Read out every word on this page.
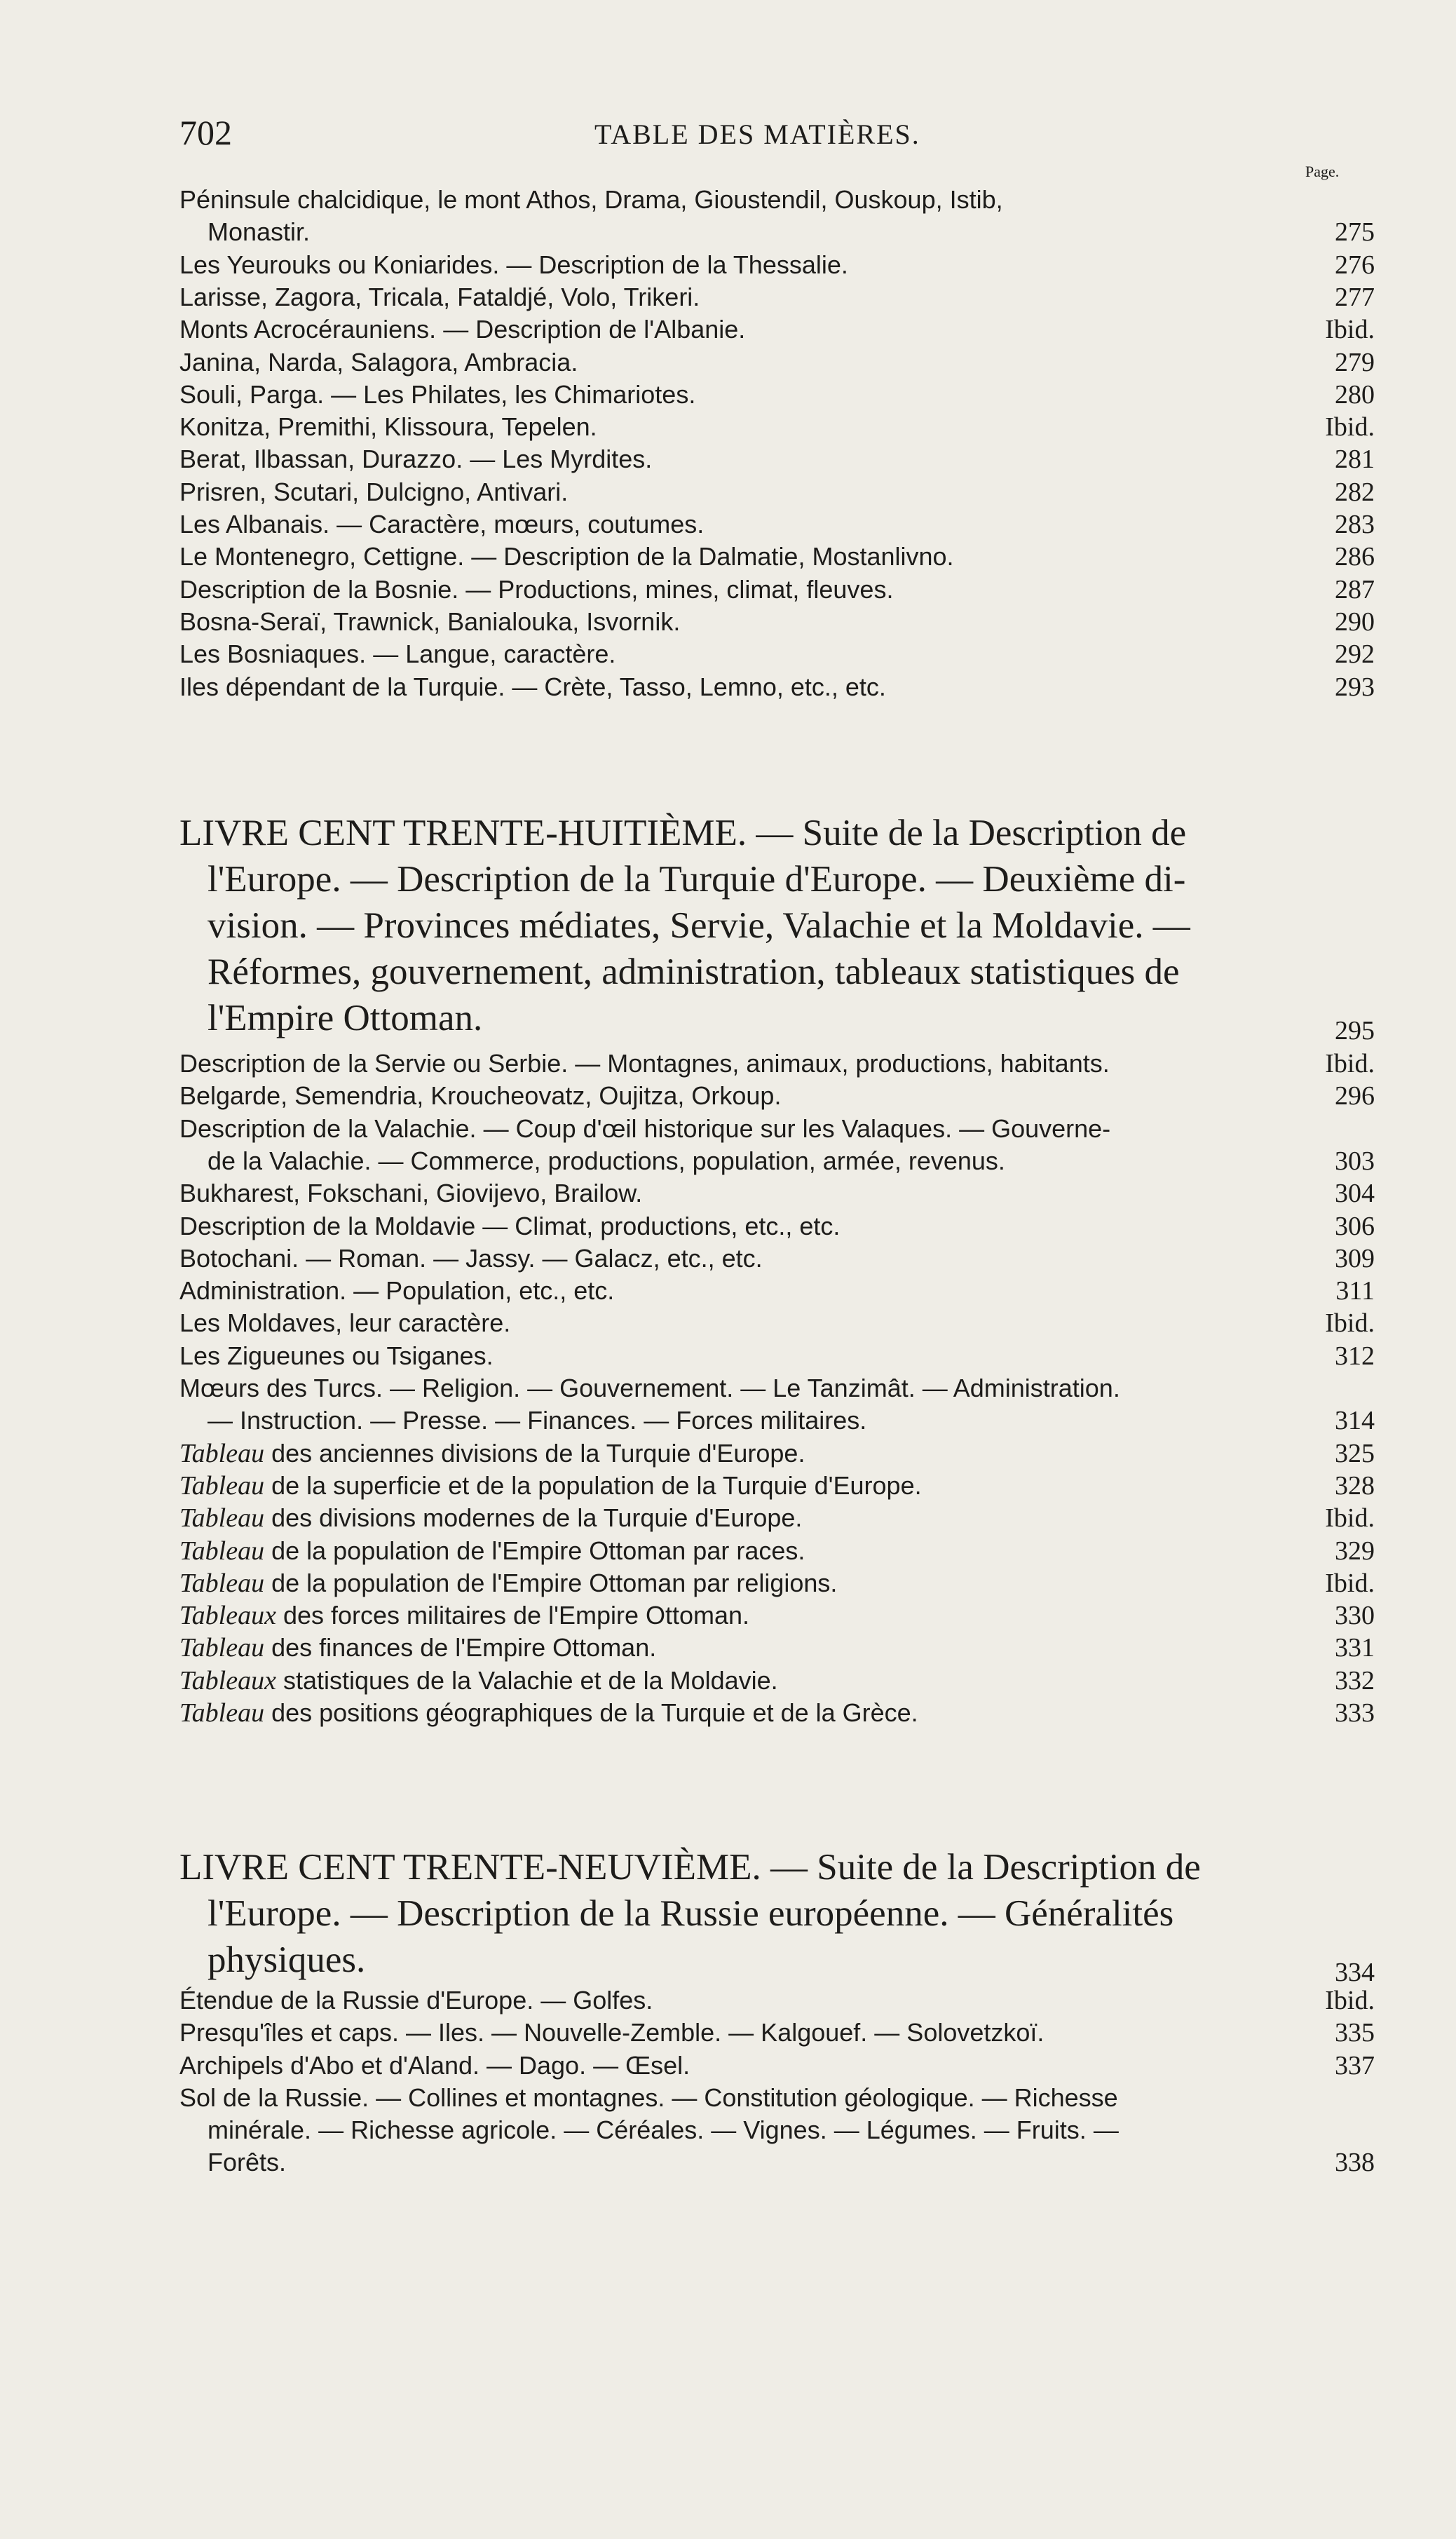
702	TABLE DES MATIÈRES.
Page.
Péninsule chalcidique, le mont Athos, Drama, Gioustendil, Ouskoup, Istib,
Monastir.	275
Les Yeurouks ou Koniarides. — Description de la Thessalie.	276
Larisse, Zagora, Tricala, Fataldjé, Volo, Trikeri.	277
Monts Acrocérauniens. — Description de l'Albanie.	Ibid.
Janina, Narda, Salagora, Ambracia.	279
Souli, Parga. — Les Philates, les Chimariotes.	280
Konitza, Premithi, Klissoura, Tepelen.	Ibid.
Berat, Ilbassan, Durazzo. — Les Myrdites.	281
Prisren, Scutari, Dulcigno, Antivari.	282
Les Albanais. — Caractère, mœurs, coutumes.	283
Le Montenegro, Cettigne. — Description de la Dalmatie, Mostanlivno.	286
Description de la Bosnie. — Productions, mines, climat, fleuves.	287
Bosna-Seraï, Trawnick, Banialouka, Isvornik.	290
Les Bosniaques. — Langue, caractère.	292
Iles dépendant de la Turquie. — Crète, Tasso, Lemno, etc., etc.	293
LIVRE CENT TRENTE-HUITIÈME. — Suite de la Description de
l'Europe. — Description de la Turquie d'Europe. — Deuxième di-
vision. — Provinces médiates, Servie, Valachie et la Moldavie. —
Réformes, gouvernement, administration, tableaux statistiques de
l'Empire Ottoman.	295
Description de la Servie ou Serbie. — Montagnes, animaux, productions, habitants.	Ibid.
Belgarde, Semendria, Kroucheovatz, Oujitza, Orkoup.	296
Description de la Valachie. — Coup d'œil historique sur les Valaques. — Gouverne-
de la Valachie. — Commerce, productions, population, armée, revenus.	303
Bukharest, Fokschani, Giovijevo, Brailow.	304
Description de la Moldavie — Climat, productions, etc., etc.	306
Botochani. — Roman. — Jassy. — Galacz, etc., etc.	309
Administration. — Population, etc., etc.	311
Les Moldaves, leur caractère.	Ibid.
Les Zigueunes ou Tsiganes.	312
Mœurs des Turcs. — Religion. — Gouvernement. — Le Tanzimât. — Administration.
— Instruction. — Presse. — Finances. — Forces militaires.	314
Tableau des anciennes divisions de la Turquie d'Europe.	325
Tableau de la superficie et de la population de la Turquie d'Europe.	328
Tableau des divisions modernes de la Turquie d'Europe.	Ibid.
Tableau de la population de l'Empire Ottoman par races.	329
Tableau de la population de l'Empire Ottoman par religions.	Ibid.
Tableaux des forces militaires de l'Empire Ottoman.	330
Tableau des finances de l'Empire Ottoman.	331
Tableaux statistiques de la Valachie et de la Moldavie.	332
Tableau des positions géographiques de la Turquie et de la Grèce.	333
LIVRE CENT TRENTE-NEUVIÈME. — Suite de la Description de
l'Europe. — Description de la Russie européenne. — Généralités
physiques.	334
Étendue de la Russie d'Europe. — Golfes.	Ibid.
Presqu'îles et caps. — Iles. — Nouvelle-Zemble. — Kalgouef. — Solovetzkoï.	335
Archipels d'Abo et d'Aland. — Dago. — Œsel.	337
Sol de la Russie. — Collines et montagnes. — Constitution géologique. — Richesse
minérale. — Richesse agricole. — Céréales. — Vignes. — Légumes. — Fruits. —
Forêts.	338
